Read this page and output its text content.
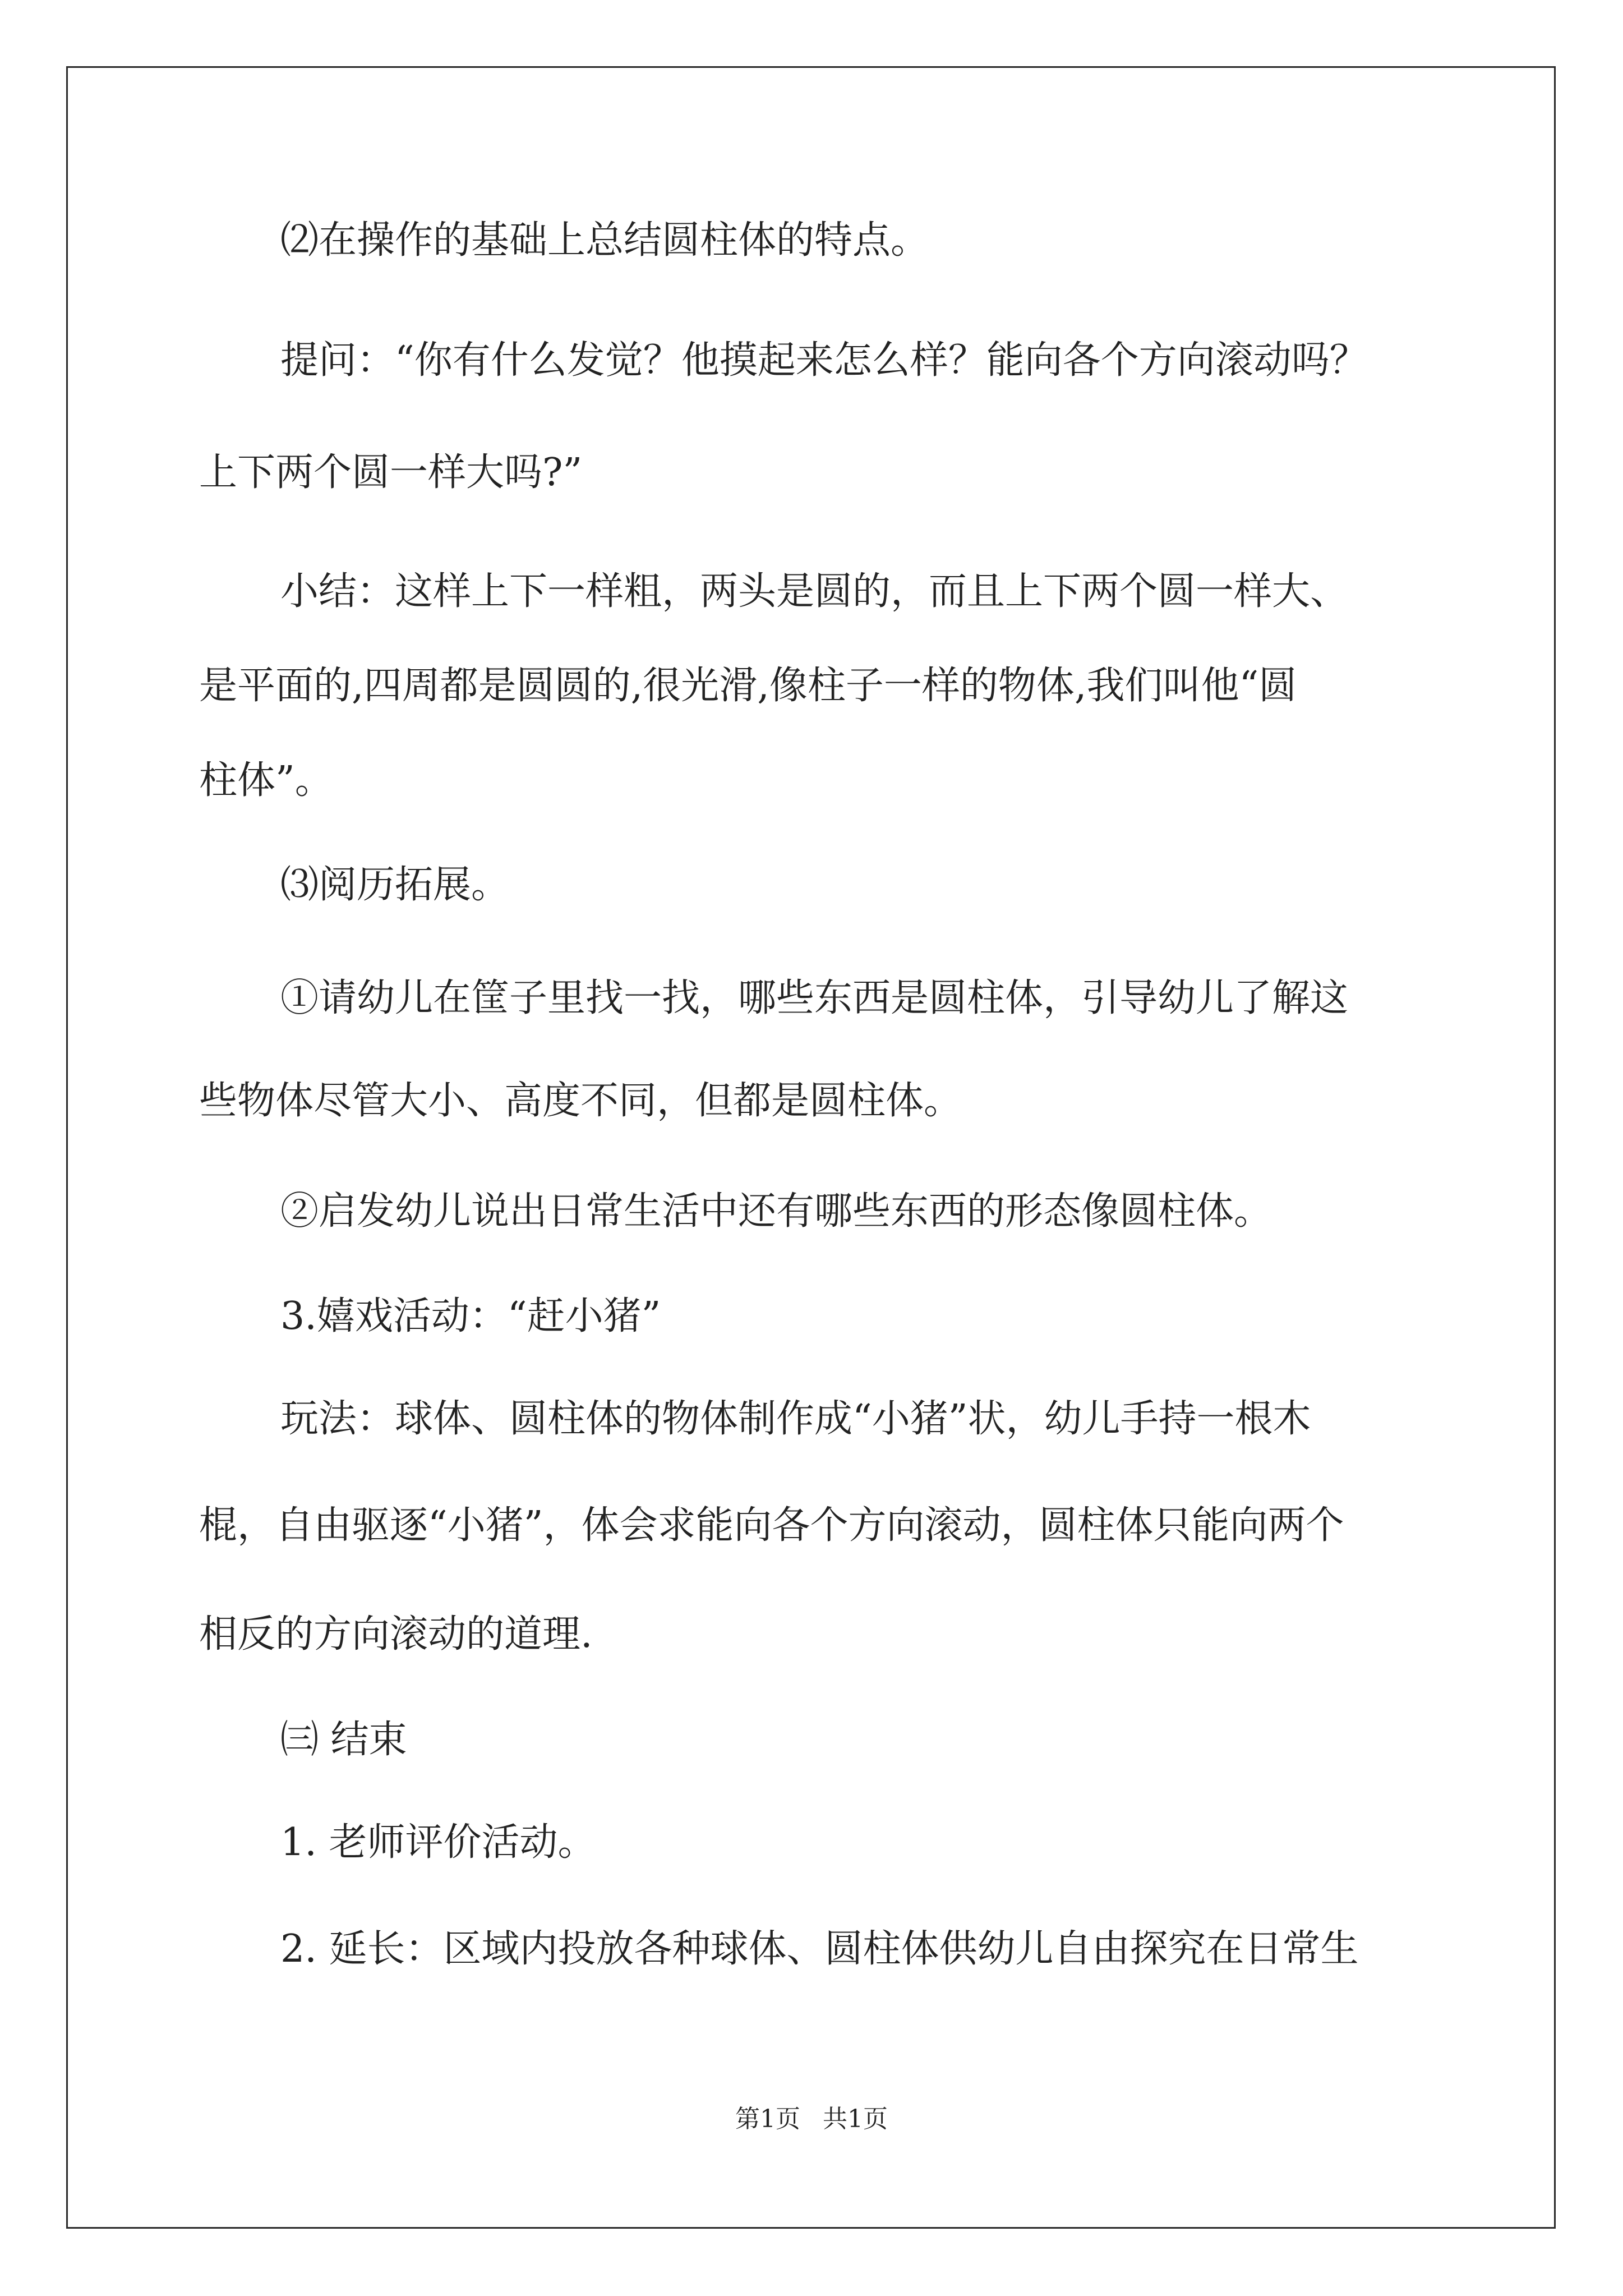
⑵在操作的基础上总结圆柱体的特点。
提问：“你有什么发觉？他摸起来怎么样？能向各个方向滚动吗？
上下两个圆一样大吗?”
小结：这样上下一样粗，两头是圆的，而且上下两个圆一样大、
是平面的,四周都是圆圆的,很光滑,像柱子一样的物体,我们叫他“圆
柱体”。
⑶阅历拓展。
①请幼儿在筐子里找一找，哪些东西是圆柱体，引导幼儿了解这
些物体尽管大小、高度不同，但都是圆柱体。
②启发幼儿说出日常生活中还有哪些东西的形态像圆柱体。
3.嬉戏活动：“赶小猪”
玩法：球体、圆柱体的物体制作成“小猪”状，幼儿手持一根木
棍，自由驱逐“小猪”，体会求能向各个方向滚动，圆柱体只能向两个
相反的方向滚动的道理.
㈢ 结束
1. 老师评价活动。
2. 延长：区域内投放各种球体、圆柱体供幼儿自由探究在日常生
第1页 共1页
